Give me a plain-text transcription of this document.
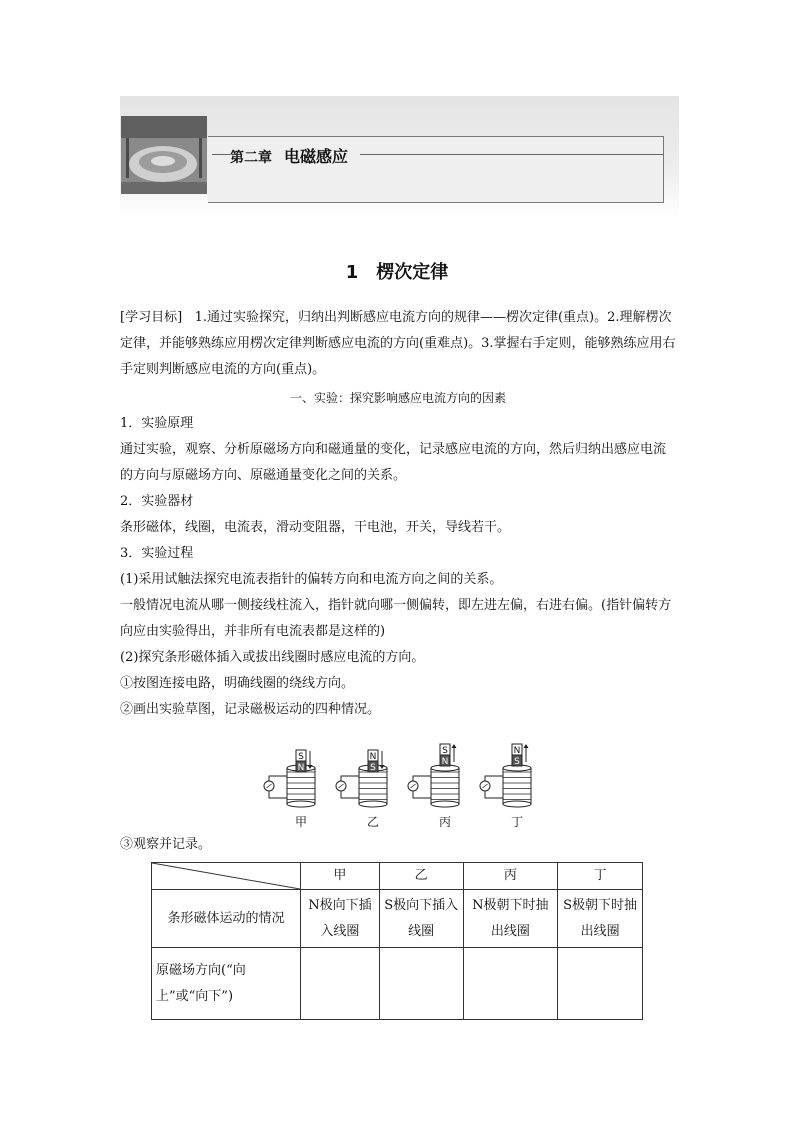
第二章 电磁感应
1 楞次定律

[学习目标] 1.通过实验探究，归纳出判断感应电流方向的规律——楞次定律(重点)。2.理解楞次定律，并能够熟练应用楞次定律判断感应电流的方向(重难点)。3.掌握右手定则，能够熟练应用右手定则判断感应电流的方向(重点)。

一、实验：探究影响感应电流方向的因素

1．实验原理

通过实验，观察、分析原磁场方向和磁通量的变化，记录感应电流的方向，然后归纳出感应电流的方向与原磁场方向、原磁通量变化之间的关系。

2．实验器材

条形磁体，线圈，电流表，滑动变阻器，干电池，开关，导线若干。

3．实验过程

(1)采用试触法探究电流表指针的偏转方向和电流方向之间的关系。

一般情况电流从哪一侧接线柱流入，指针就向哪一侧偏转，即左进左偏，右进右偏。(指针偏转方向应由实验得出，并非所有电流表都是这样的)

(2)探究条形磁体插入或拔出线圈时感应电流的方向。

①按图连接电路，明确线圈的绕线方向。

②画出实验草图，记录磁极运动的四种情况。

S
N
甲
N
S
乙
S
N
丙
N
S
丁
③观察并记录。
	甲	乙	丙	丁
条形磁体运动的情况	N极向下插入线圈	S极向下插入线圈	N极朝下时抽出线圈	S极朝下时抽出线圈
原磁场方向(“向上”或“向下”)				
